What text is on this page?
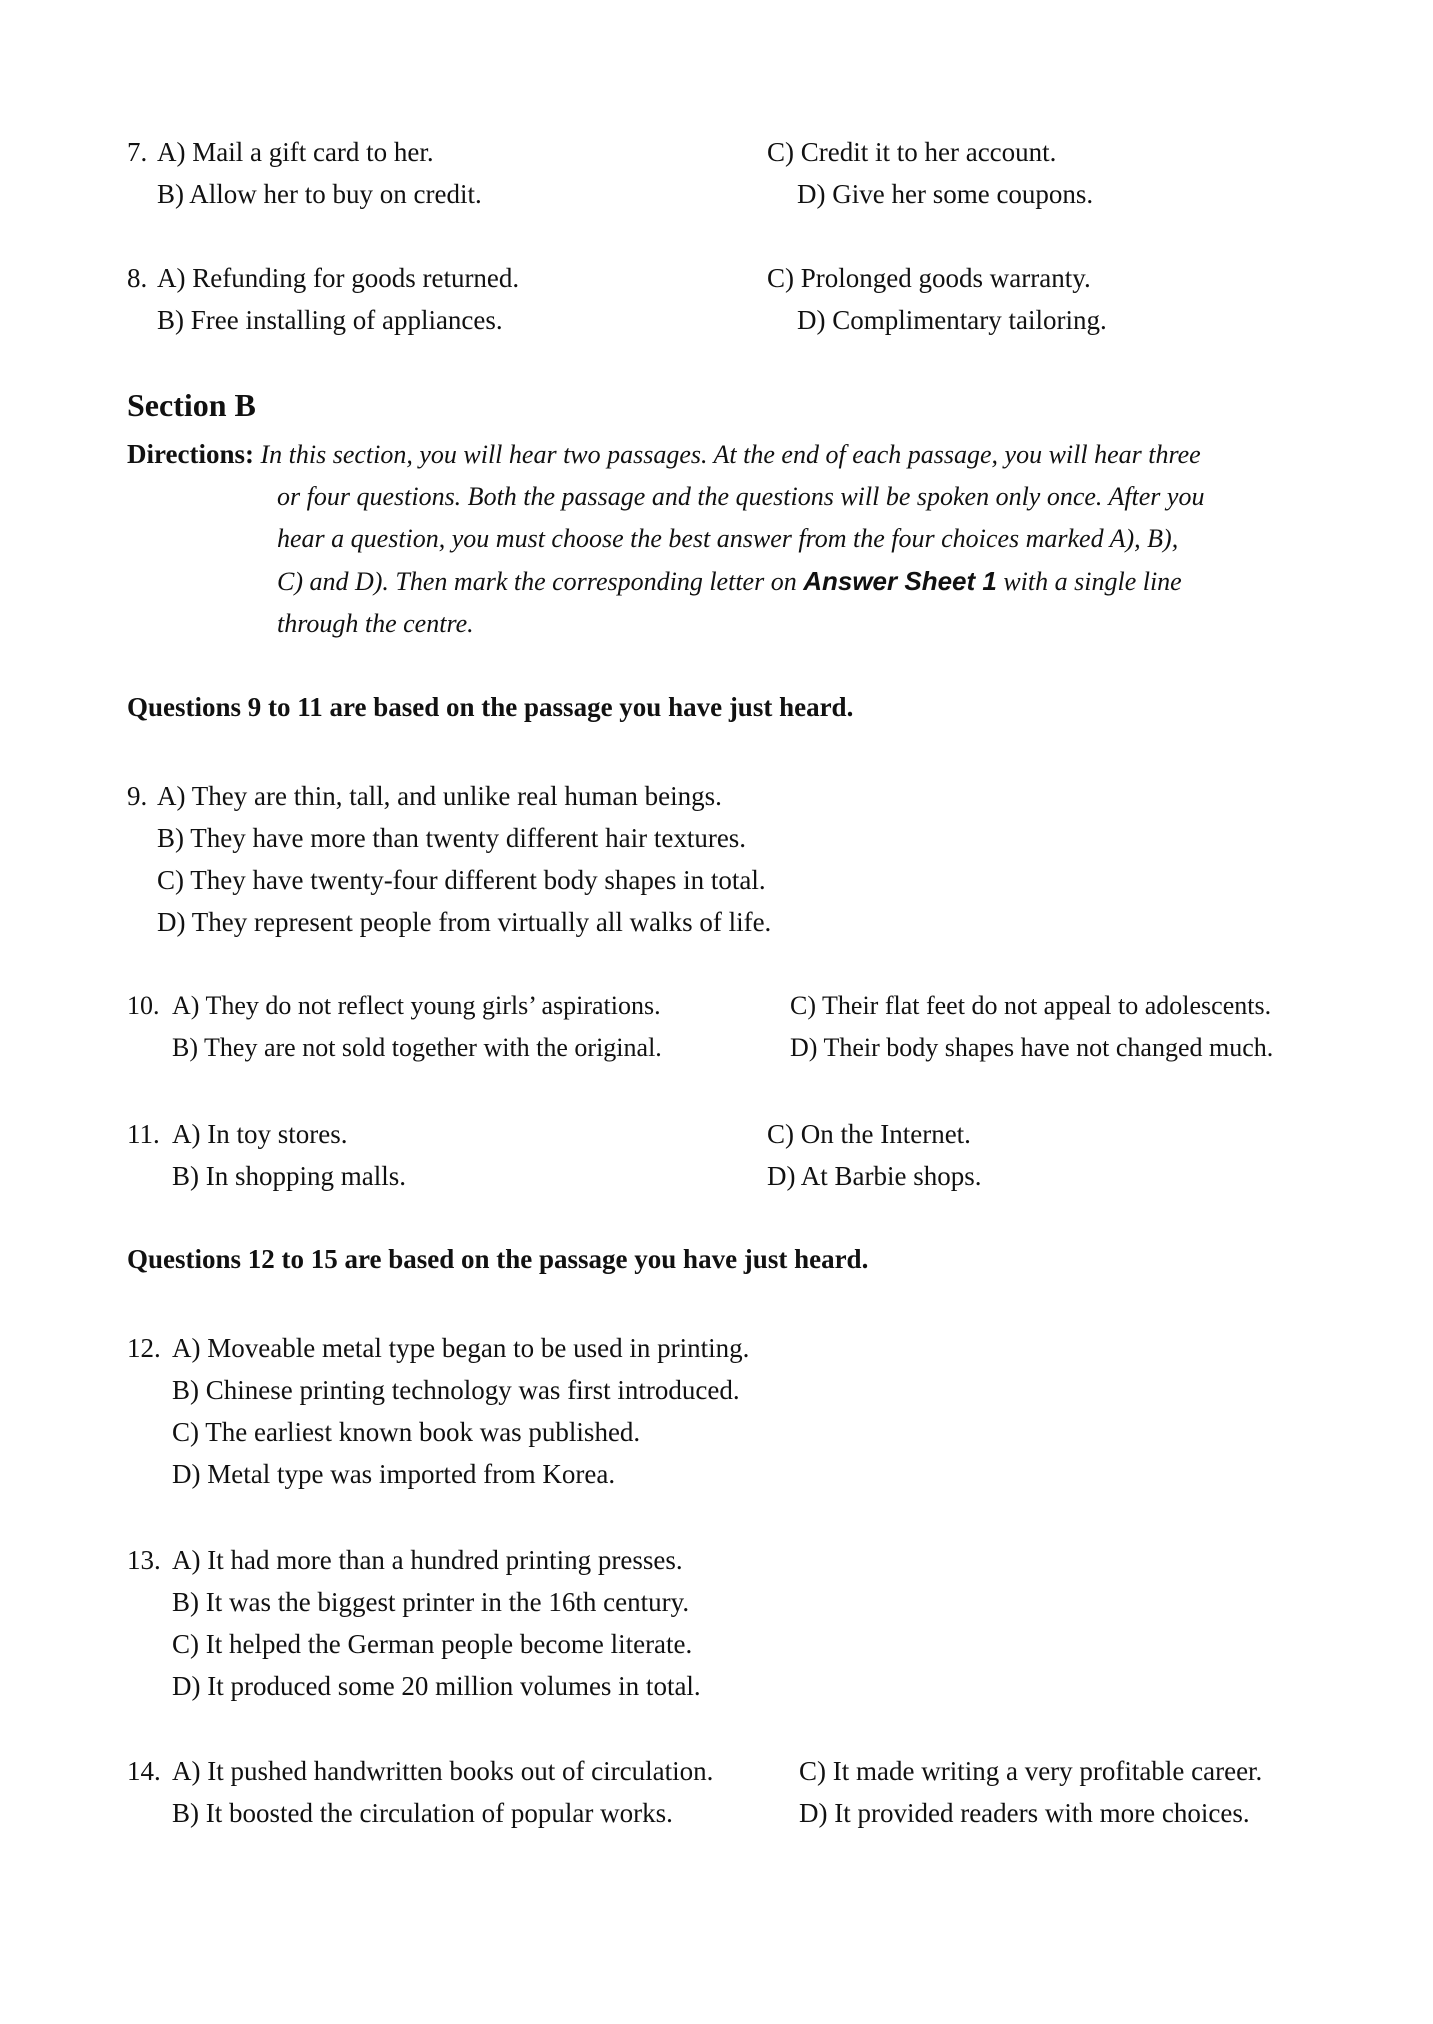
7. A) Mail a gift card to her.	C) Credit it to her account.
B) Allow her to buy on credit.	D) Give her some coupons.
8. A) Refunding for goods returned.	C) Prolonged goods warranty.
B) Free installing of appliances.	D) Complimentary tailoring.
Section B
Directions: In this section, you will hear two passages. At the end of each passage, you will hear three
or four questions. Both the passage and the questions will be spoken only once. After you
hear a question, you must choose the best answer from the four choices marked A), B),
C) and D). Then mark the corresponding letter on Answer Sheet 1 with a single line
through the centre.
Questions 9 to 11 are based on the passage you have just heard.
9. A) They are thin, tall, and unlike real human beings.
B) They have more than twenty different hair textures.
C) They have twenty-four different body shapes in total.
D) They represent people from virtually all walks of life.
10. A) They do not reflect young girls’ aspirations.	C) Their flat feet do not appeal to adolescents.
B) They are not sold together with the original.	D) Their body shapes have not changed much.
11. A) In toy stores.	C) On the Internet.
B) In shopping malls.	D) At Barbie shops.
Questions 12 to 15 are based on the passage you have just heard.
12. A) Moveable metal type began to be used in printing.
B) Chinese printing technology was first introduced.
C) The earliest known book was published.
D) Metal type was imported from Korea.
13. A) It had more than a hundred printing presses.
B) It was the biggest printer in the 16th century.
C) It helped the German people become literate.
D) It produced some 20 million volumes in total.
14. A) It pushed handwritten books out of circulation.	C) It made writing a very profitable career.
B) It boosted the circulation of popular works.	D) It provided readers with more choices.
